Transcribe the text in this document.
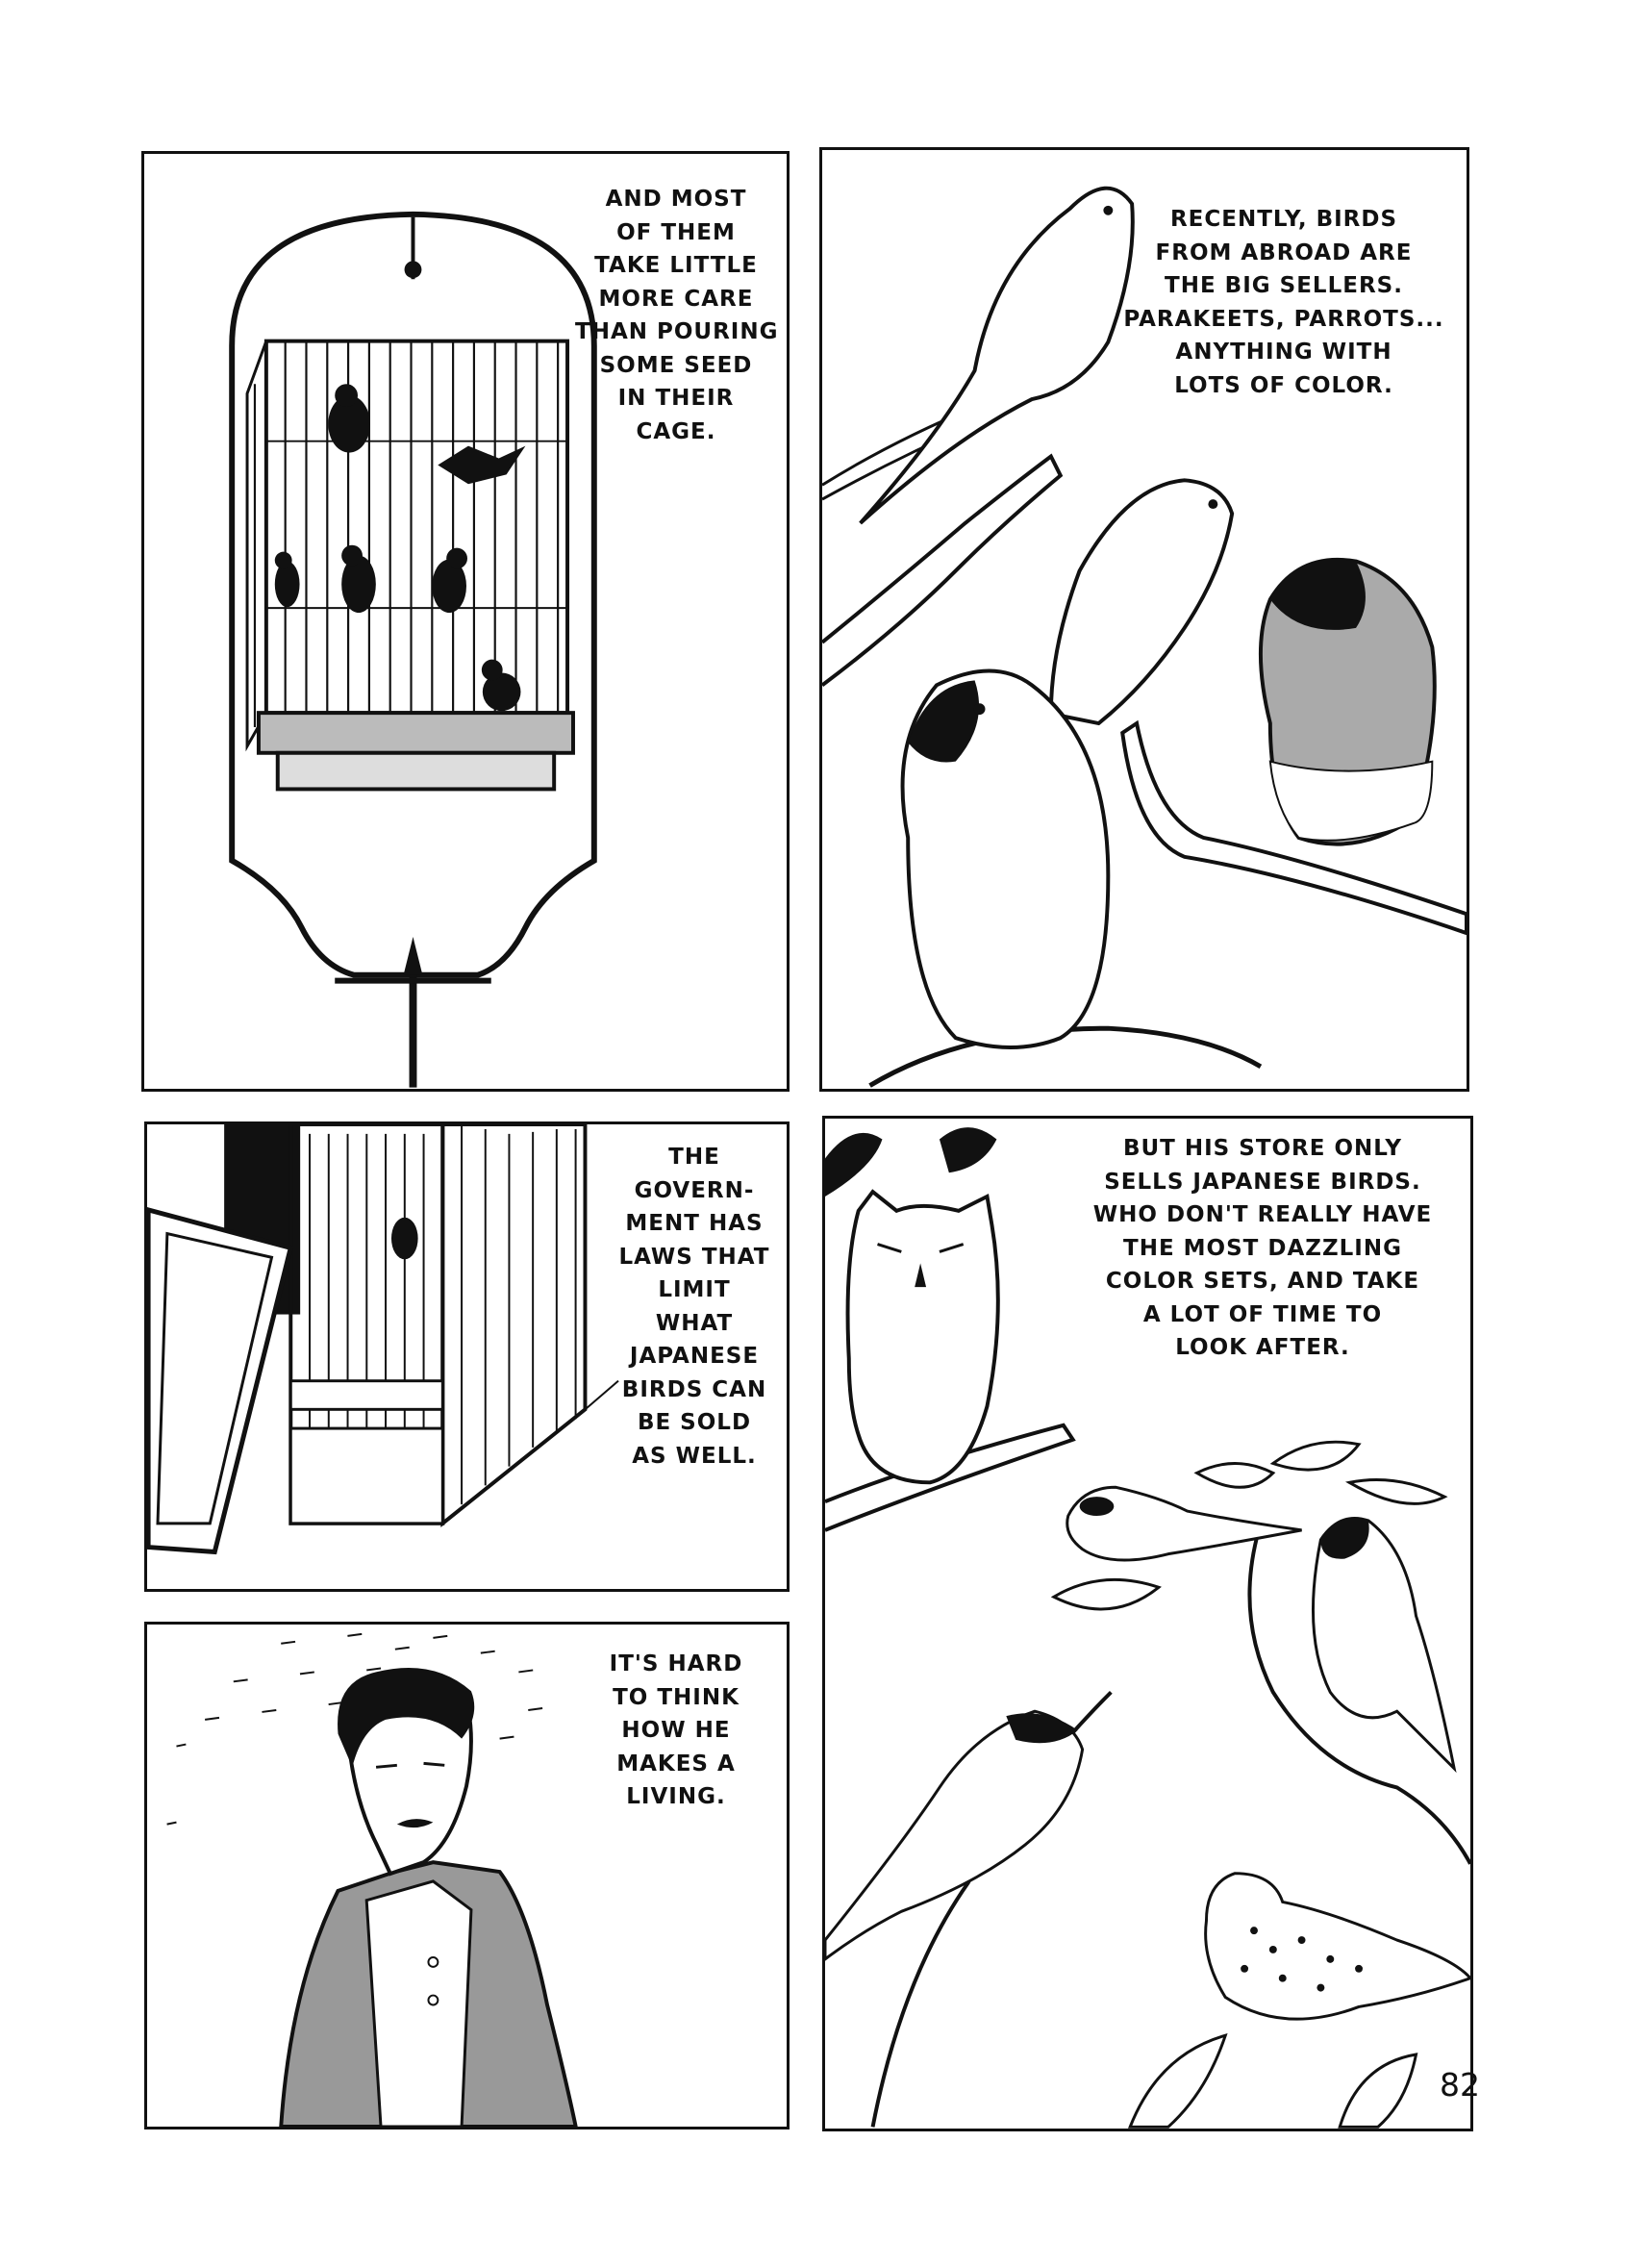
AND MOST
OF THEM
TAKE LITTLE
MORE CARE
THAN POURING
SOME SEED
IN THEIR
CAGE.

RECENTLY, BIRDS
FROM ABROAD ARE
THE BIG SELLERS.
PARAKEETS, PARROTS...
ANYTHING WITH
LOTS OF COLOR.

THE
GOVERN-
MENT HAS
LAWS THAT
LIMIT
WHAT
JAPANESE
BIRDS CAN
BE SOLD
AS WELL.

BUT HIS STORE ONLY
SELLS JAPANESE BIRDS.
WHO DON'T REALLY HAVE
THE MOST DAZZLING
COLOR SETS, AND TAKE
A LOT OF TIME TO
LOOK AFTER.

IT'S HARD
TO THINK
HOW HE
MAKES A
LIVING.

82
